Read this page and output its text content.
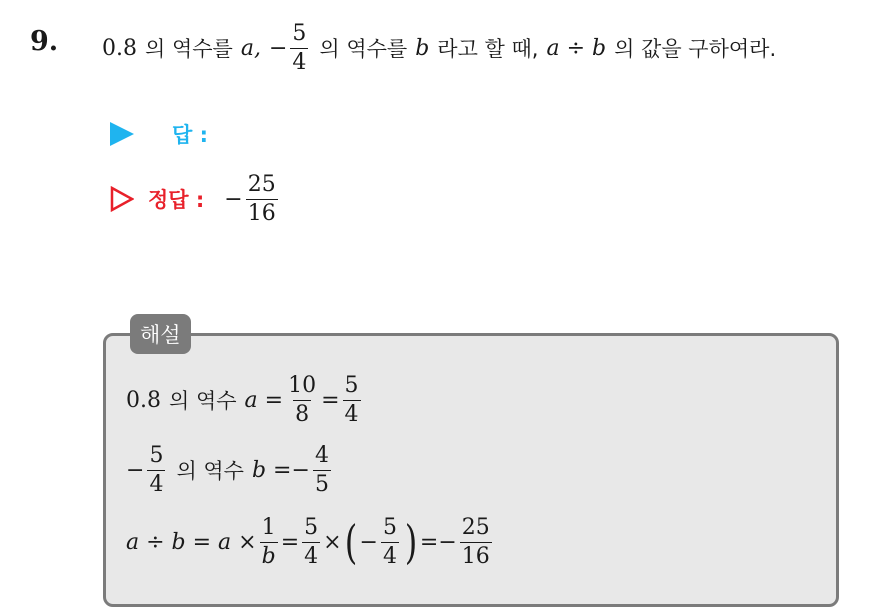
9. 0.8 의 역수를 a, − $\frac{5}{4}$ 의 역수를 b 라고 할 때, a ÷ b 의 값을 구하여라.
답 :
정답 : − $\frac{25}{16}$
해설
0.8 의 역수 $a = \frac{10}{8} = \frac{5}{4}$
− $\frac{5}{4}$ 의 역수 b = − $\frac{4}{5}$
$a \div b = a \times \frac{1}{b} = \frac{5}{4}$ × ( − $\frac{5}{4}$ ) = − $\frac{25}{16}$
